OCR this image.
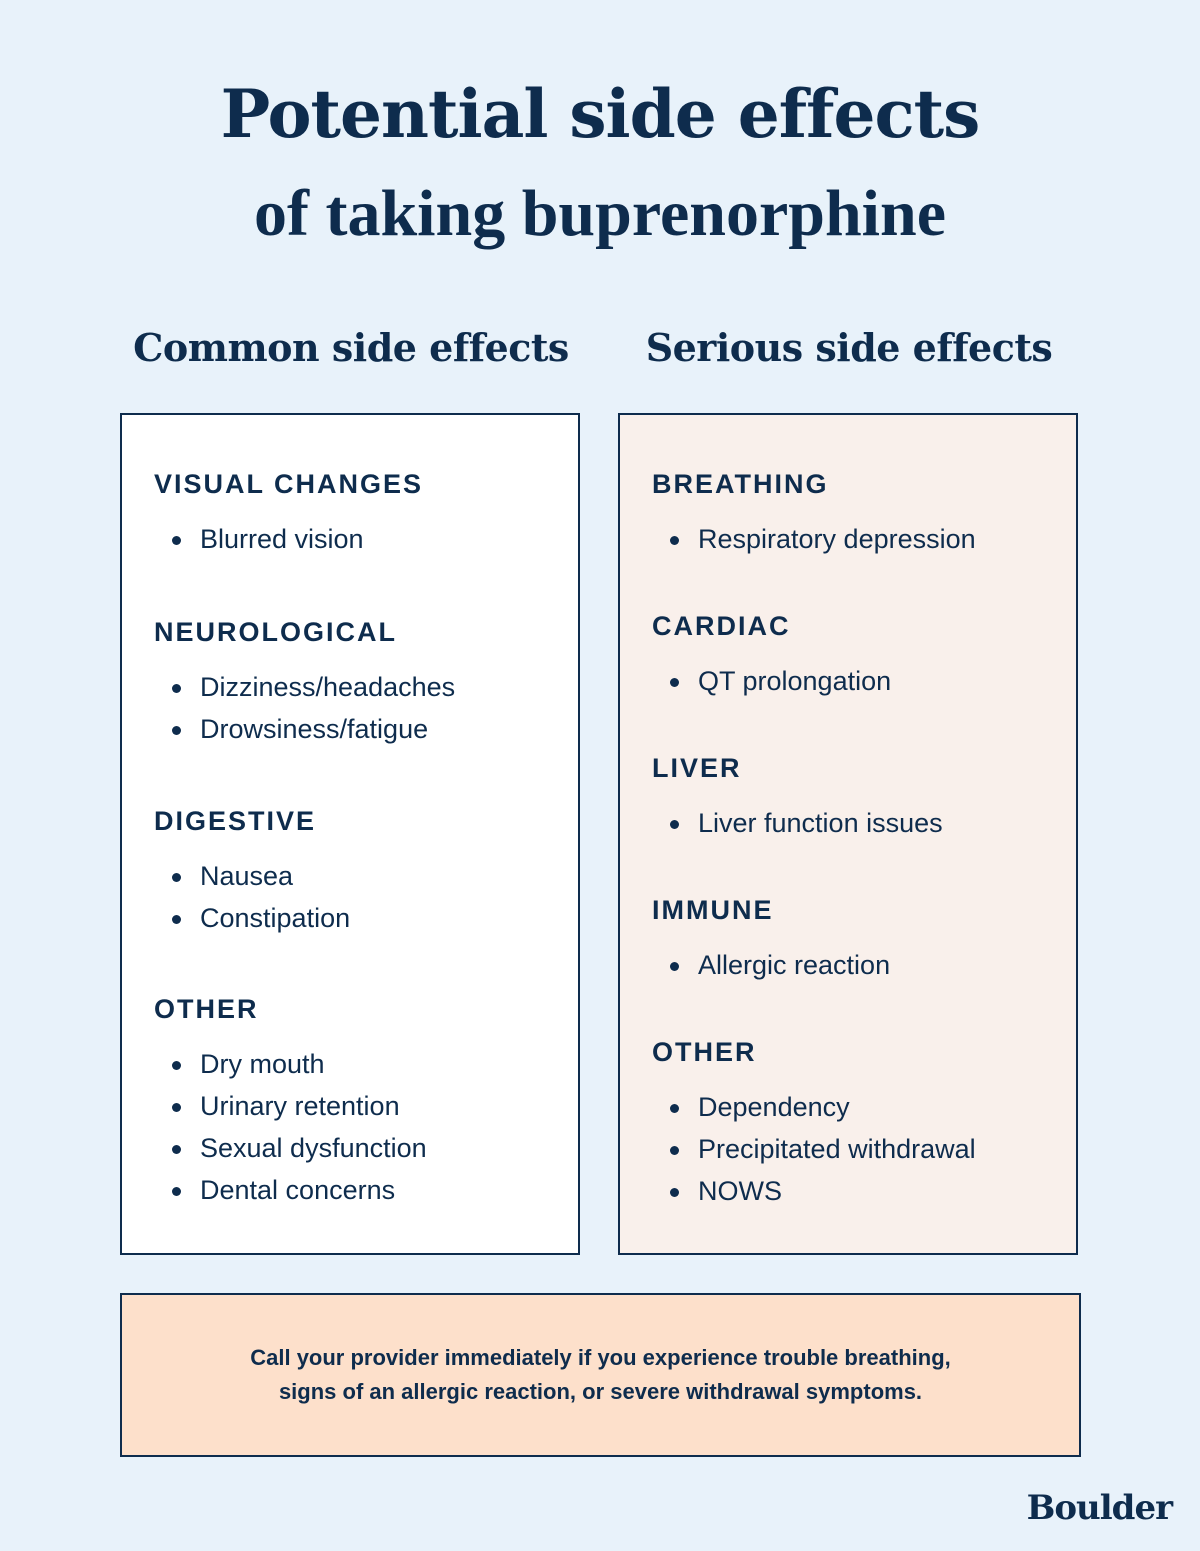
Potential side effects
of taking buprenorphine
Common side effects	Serious side effects
VISUAL CHANGES
Blurred vision
NEUROLOGICAL
Dizziness/headaches
Drowsiness/fatigue
DIGESTIVE
Nausea
Constipation
OTHER
Dry mouth
Urinary retention
Sexual dysfunction
Dental concerns
BREATHING
Respiratory depression
CARDIAC
QT prolongation
LIVER
Liver function issues
IMMUNE
Allergic reaction
OTHER
Dependency
Precipitated withdrawal
NOWS

Call your provider immediately if you experience trouble breathing,
signs of an allergic reaction, or severe withdrawal symptoms.

Boulder
